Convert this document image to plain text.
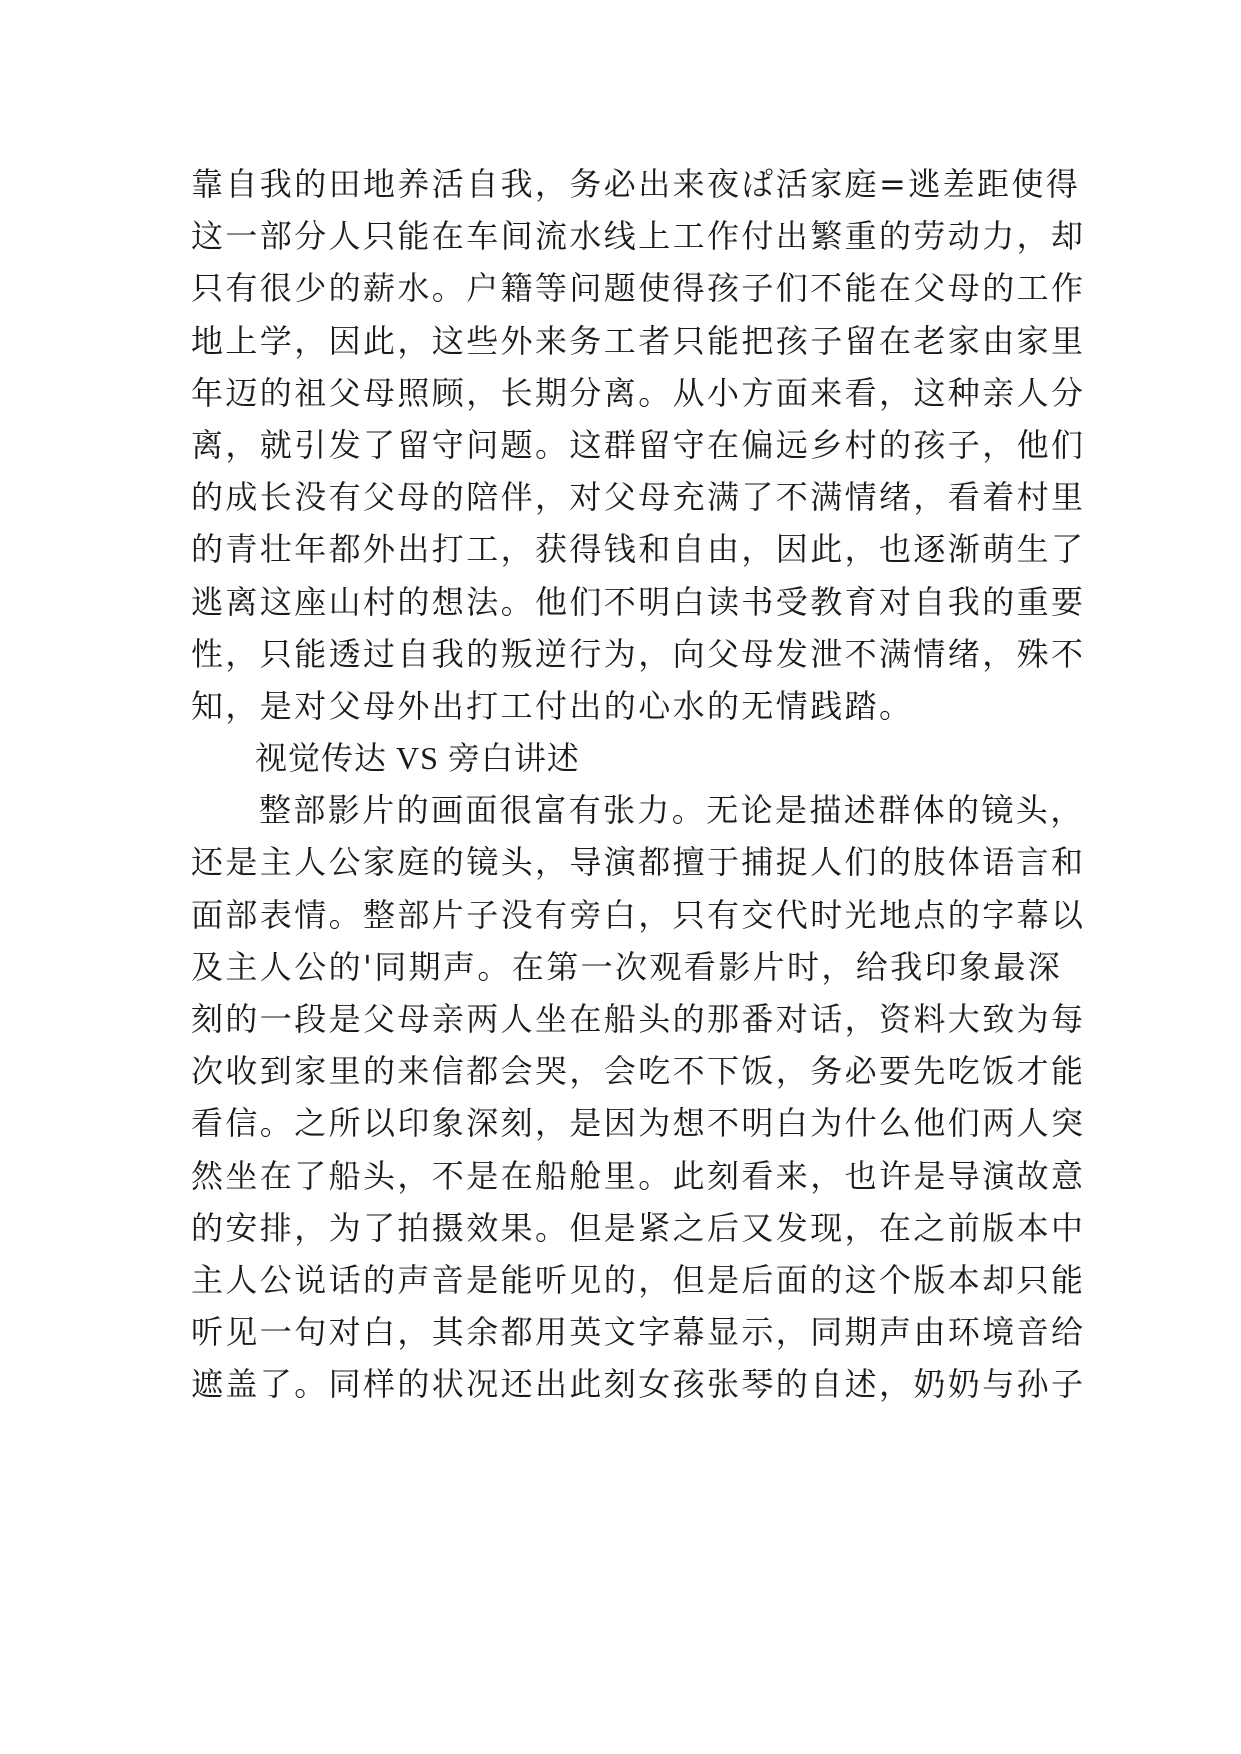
靠自我的田地养活自我，务必出来夜ぱ活家庭=逃差距使得
这一部分人只能在车间流水线上工作付出繁重的劳动力，却
只有很少的薪水。户籍等问题使得孩子们不能在父母的工作
地上学，因此，这些外来务工者只能把孩子留在老家由家里
年迈的祖父母照顾，长期分离。从小方面来看，这种亲人分
离，就引发了留守问题。这群留守在偏远乡村的孩子，他们
的成长没有父母的陪伴，对父母充满了不满情绪，看着村里
的青壮年都外出打工，获得钱和自由，因此，也逐渐萌生了
逃离这座山村的想法。他们不明白读书受教育对自我的重要
性，只能透过自我的叛逆行为，向父母发泄不满情绪，殊不
知，是对父母外出打工付出的心水的无情践踏。
视觉传达 VS 旁白讲述
整部影片的画面很富有张力。无论是描述群体的镜头，
还是主人公家庭的镜头，导演都擅于捕捉人们的肢体语言和
面部表情。整部片子没有旁白，只有交代时光地点的字幕以
及主人公的'同期声。在第一次观看影片时，给我印象最深
刻的一段是父母亲两人坐在船头的那番对话，资料大致为每
次收到家里的来信都会哭，会吃不下饭，务必要先吃饭才能
看信。之所以印象深刻，是因为想不明白为什么他们两人突
然坐在了船头，不是在船舱里。此刻看来，也许是导演故意
的安排，为了拍摄效果。但是紧之后又发现，在之前版本中
主人公说话的声音是能听见的，但是后面的这个版本却只能
听见一句对白，其余都用英文字幕显示，同期声由环境音给
遮盖了。同样的状况还出此刻女孩张琴的自述，奶奶与孙子
